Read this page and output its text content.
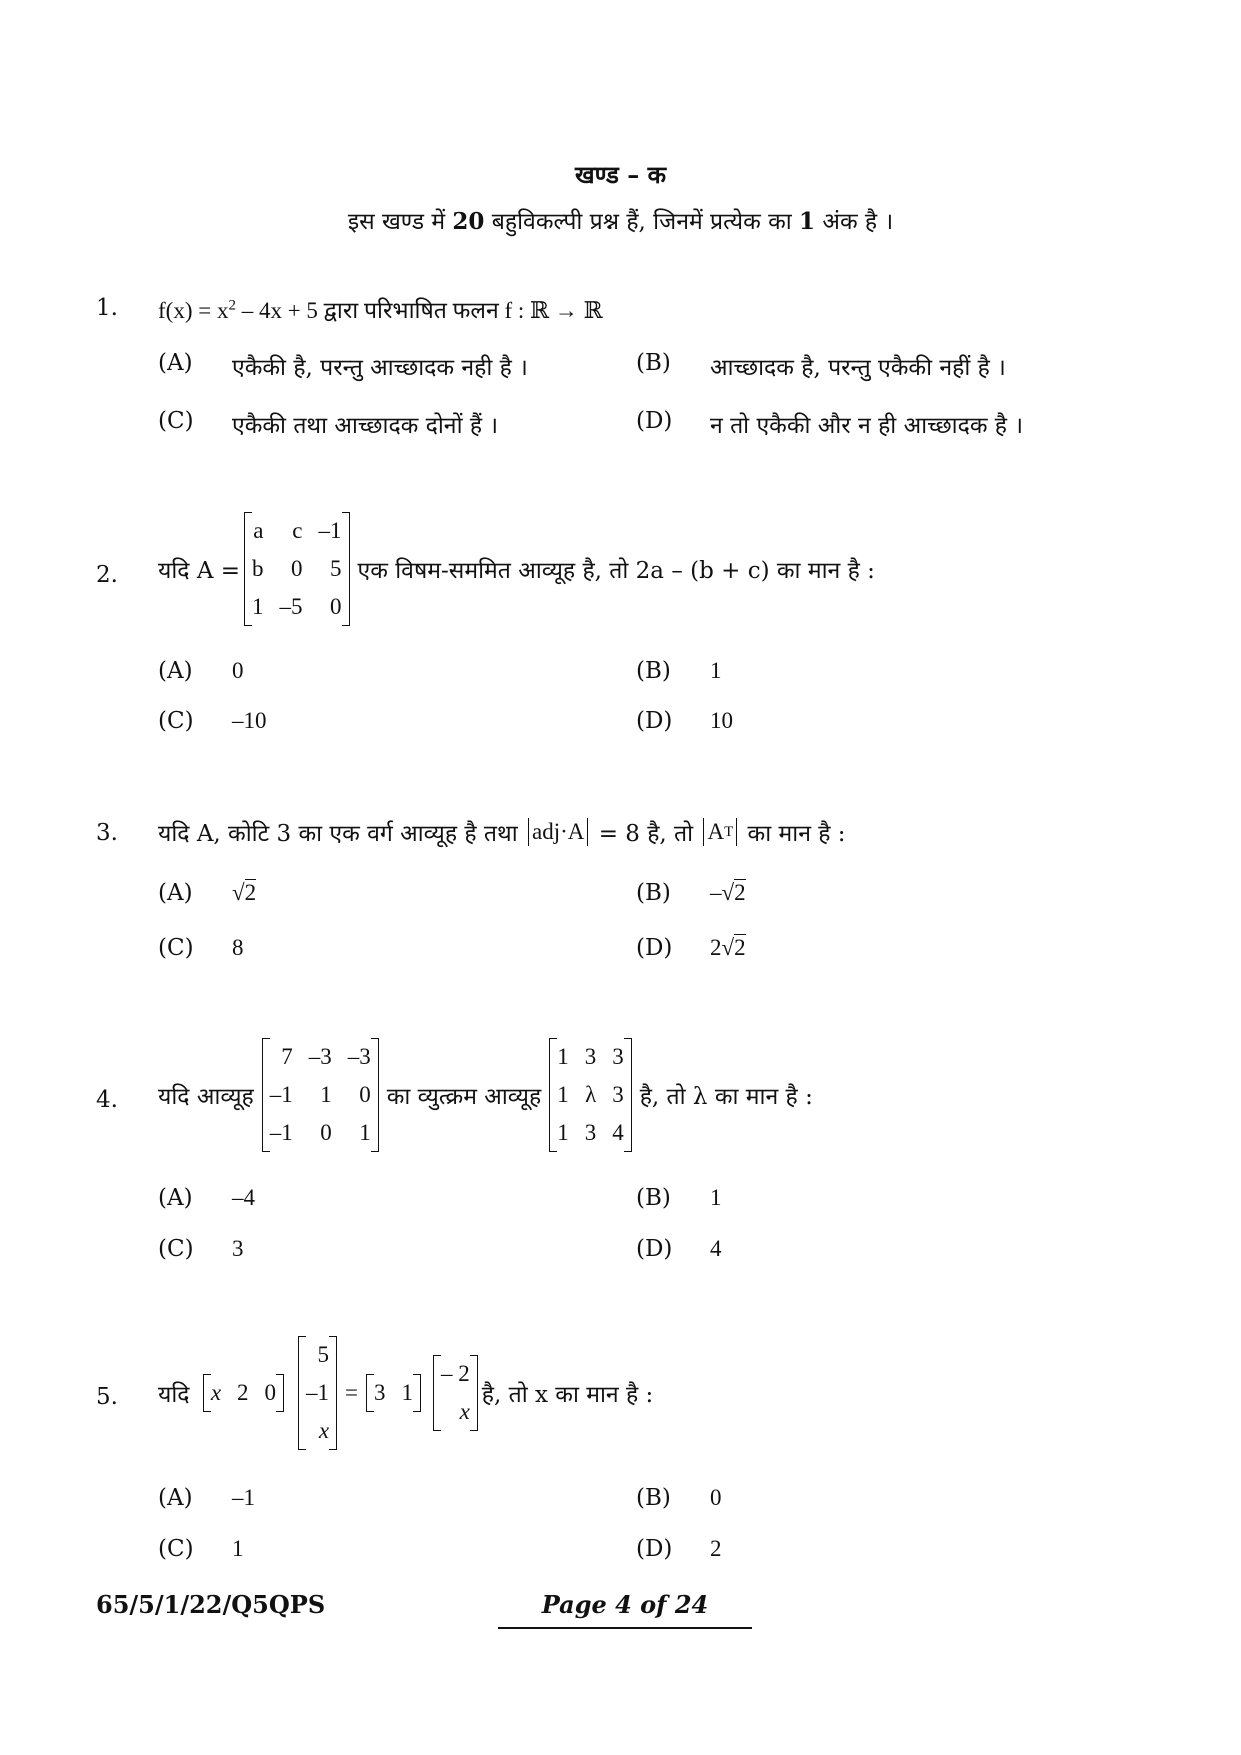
खण्ड – क
इस खण्ड में 20 बहुविकल्पी प्रश्न हैं, जिनमें प्रत्येक का 1 अंक है ।
1. $f(x) = x^2 - 4x + 5$ द्वारा परिभाषित फलन f : ℝ → ℝ
(A)	एकैकी है, परन्तु आच्छादक नही है ।	(B)	आच्छादक है, परन्तु एकैकी नहीं है ।
(C)	एकैकी तथा आच्छादक दोनों हैं ।	(D)	न तो एकैकी और न ही आच्छादक है ।
2. यदि A =
a	c	–1
b	0	5
1	–5	0
एक विषम-सममित आव्यूह है, तो 2a – (b + c) का मान है :
(A)	0	(B)	1
(C)	–10	(D)	10
3. यदि A, कोटि 3 का एक वर्ग आव्यूह है तथा
adj·A
= 8 है, तो
A T
का मान है :
(A)	√2	(B)	–√2
(C)	8	(D)	2√2
4. यदि आव्यूह
7	–3	–3
–1	1	0
–1	0	1
का व्युत्क्रम आव्यूह
1	3	3
1	λ	3
1	3	4
है, तो λ का मान है :
(A)	–4	(B)	1
(C)	3	(D)	4
5. यदि
x	2	0
5
–1
x
= 3	1
– 2
x
है, तो x का मान है :
(A)	–1	(B)	0
(C)	1	(D)	2
65/5/1/22/Q5QPS	Page 4 of 24
